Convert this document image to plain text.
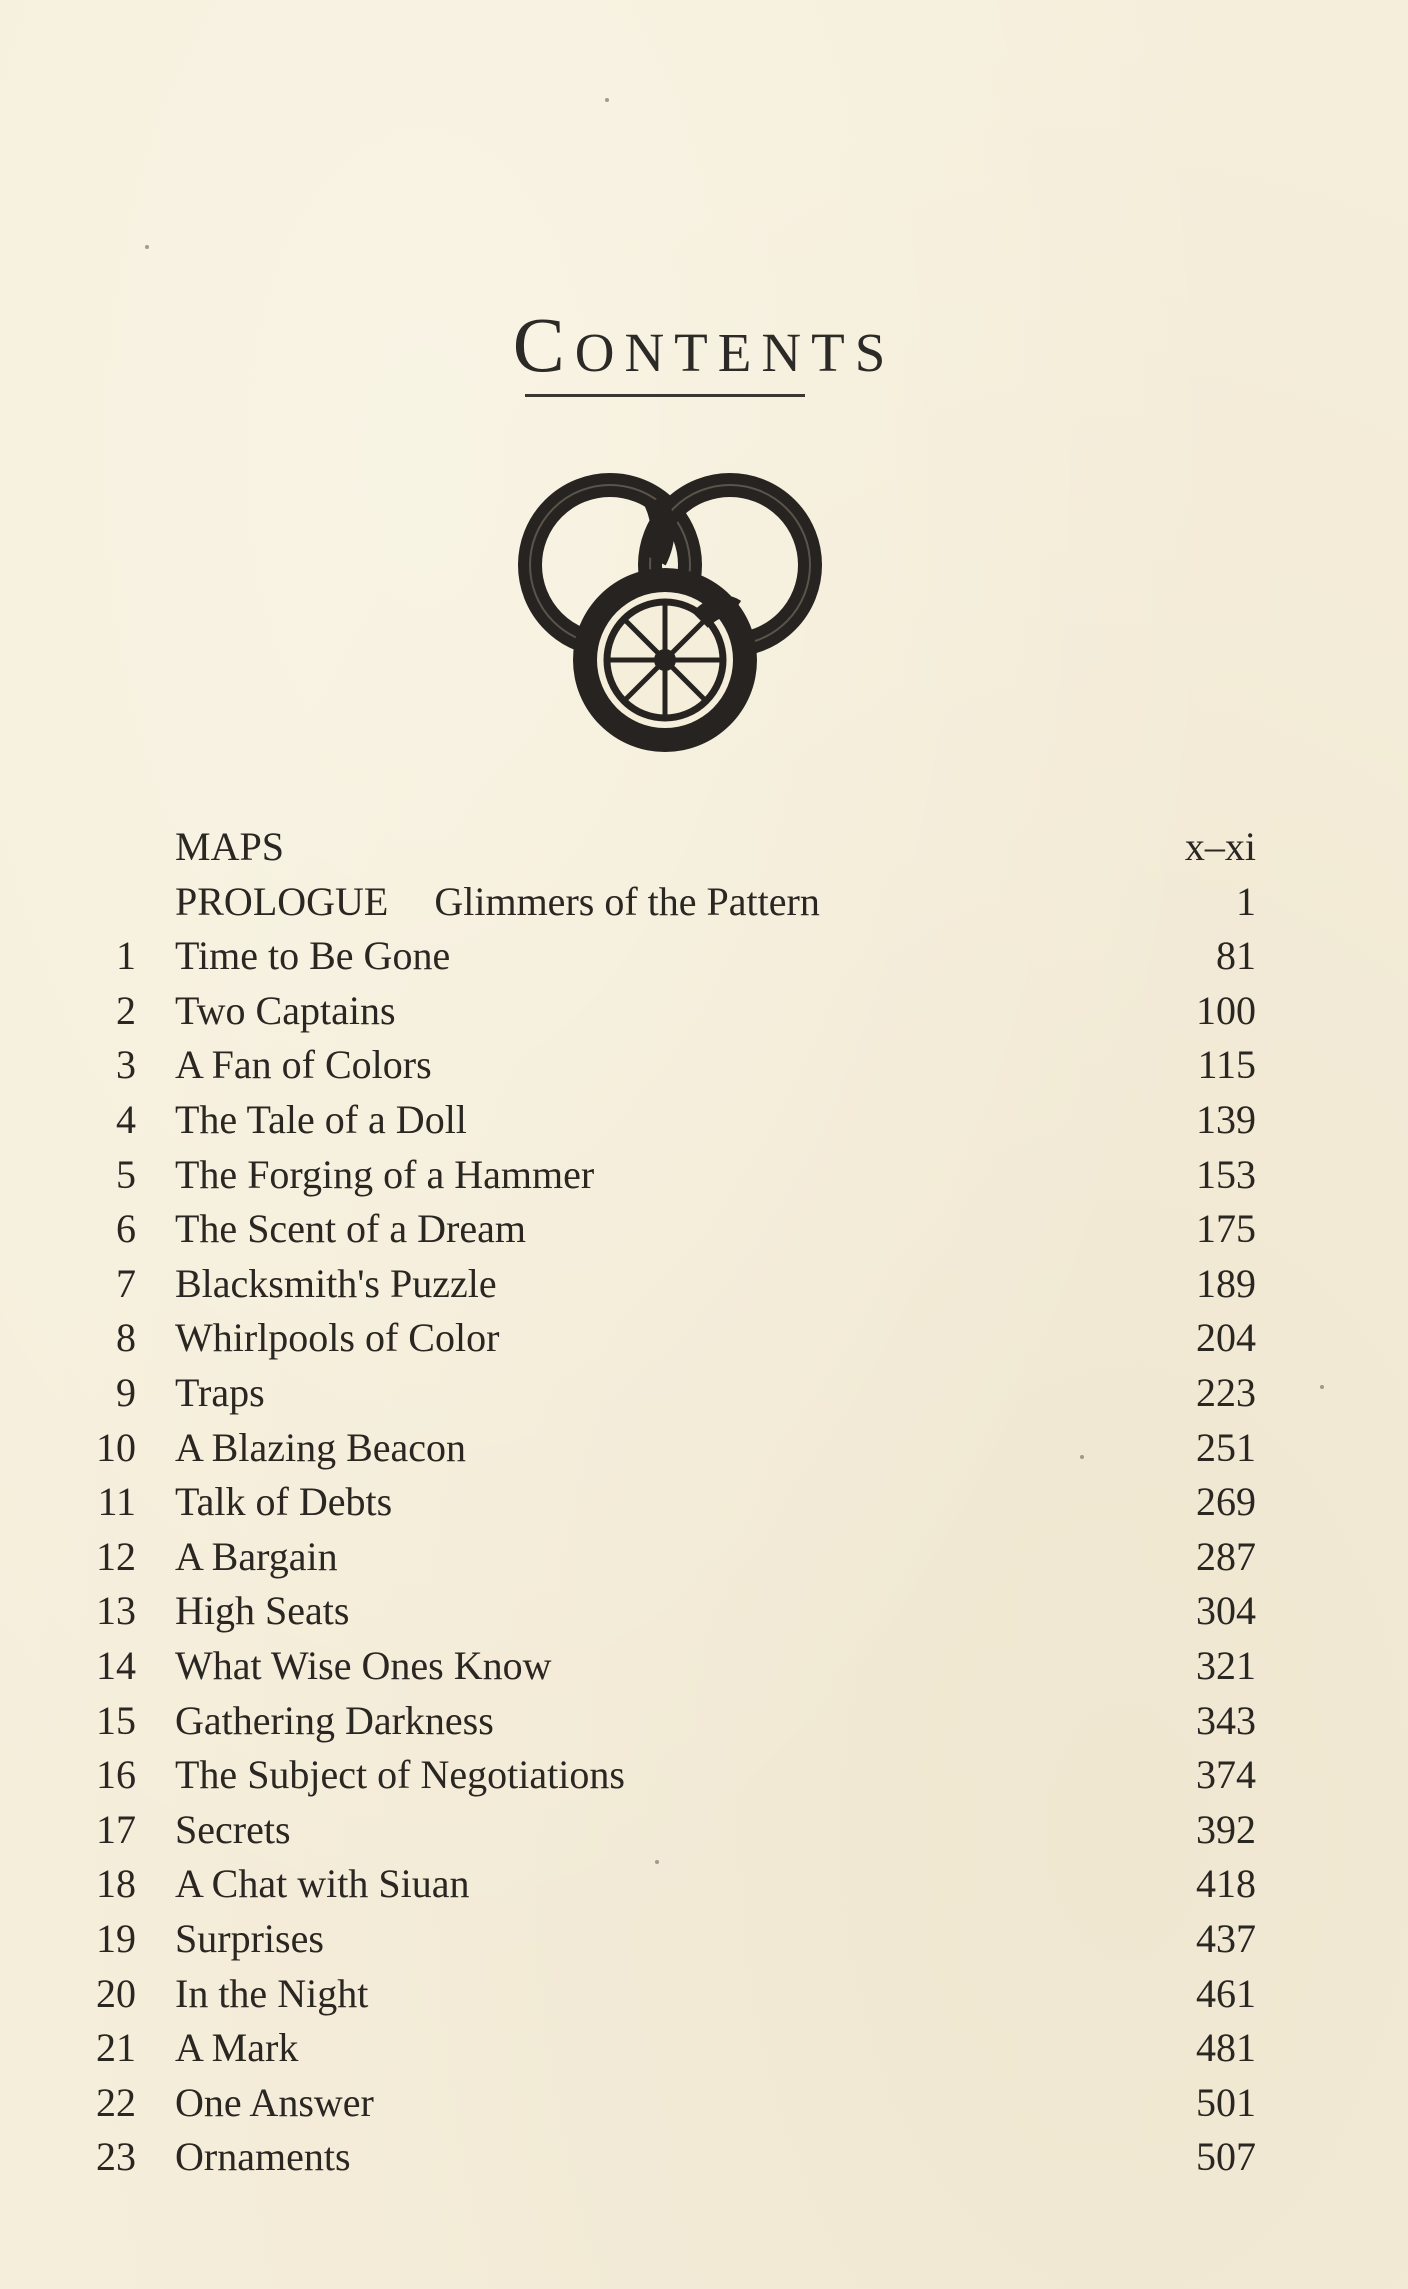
Contents
MAPS	x–xi
PROLOGUE Glimmers of the Pattern	1
1 Time to Be Gone	81
2 Two Captains	100
3 A Fan of Colors	115
4 The Tale of a Doll	139
5 The Forging of a Hammer	153
6 The Scent of a Dream	175
7 Blacksmith's Puzzle	189
8 Whirlpools of Color	204
9 Traps	223
10 A Blazing Beacon	251
11 Talk of Debts	269
12 A Bargain	287
13 High Seats	304
14 What Wise Ones Know	321
15 Gathering Darkness	343
16 The Subject of Negotiations	374
17 Secrets	392
18 A Chat with Siuan	418
19 Surprises	437
20 In the Night	461
21 A Mark	481
22 One Answer	501
23 Ornaments	507
